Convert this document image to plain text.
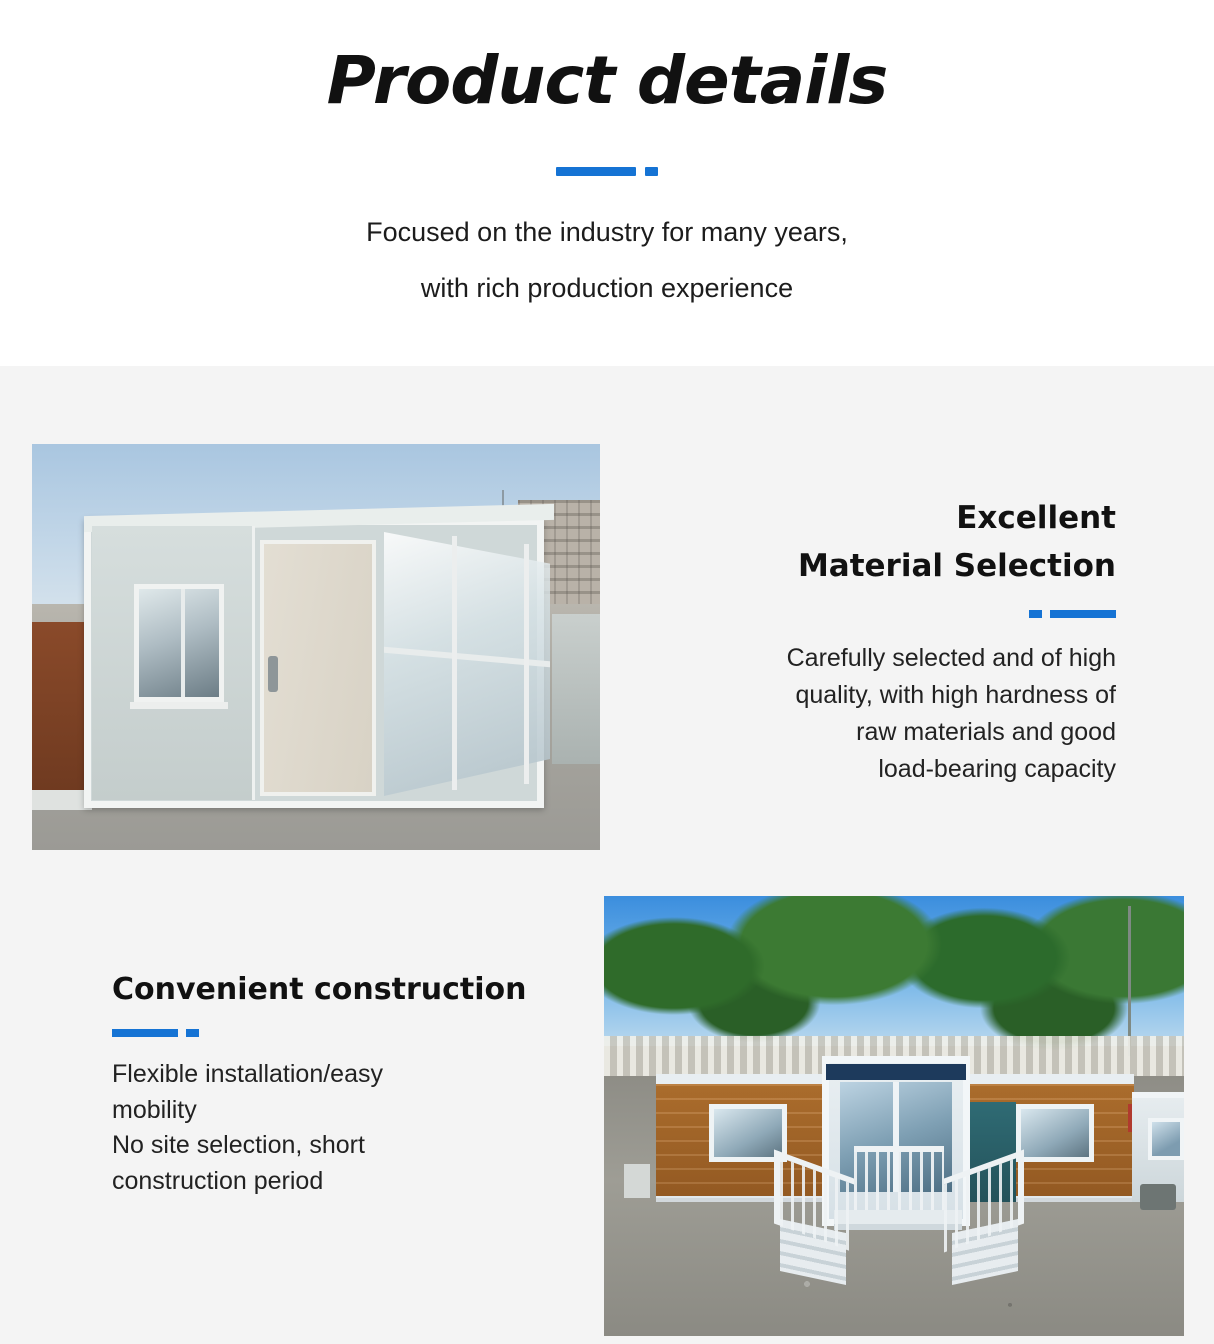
Product details
Focused on the industry for many years,
with rich production experience
Excellent
Material Selection
Carefully selected and of high
quality, with high hardness of
raw materials and good
load-bearing capacity
Convenient construction
Flexible installation/easy
mobility
No site selection, short
construction period
